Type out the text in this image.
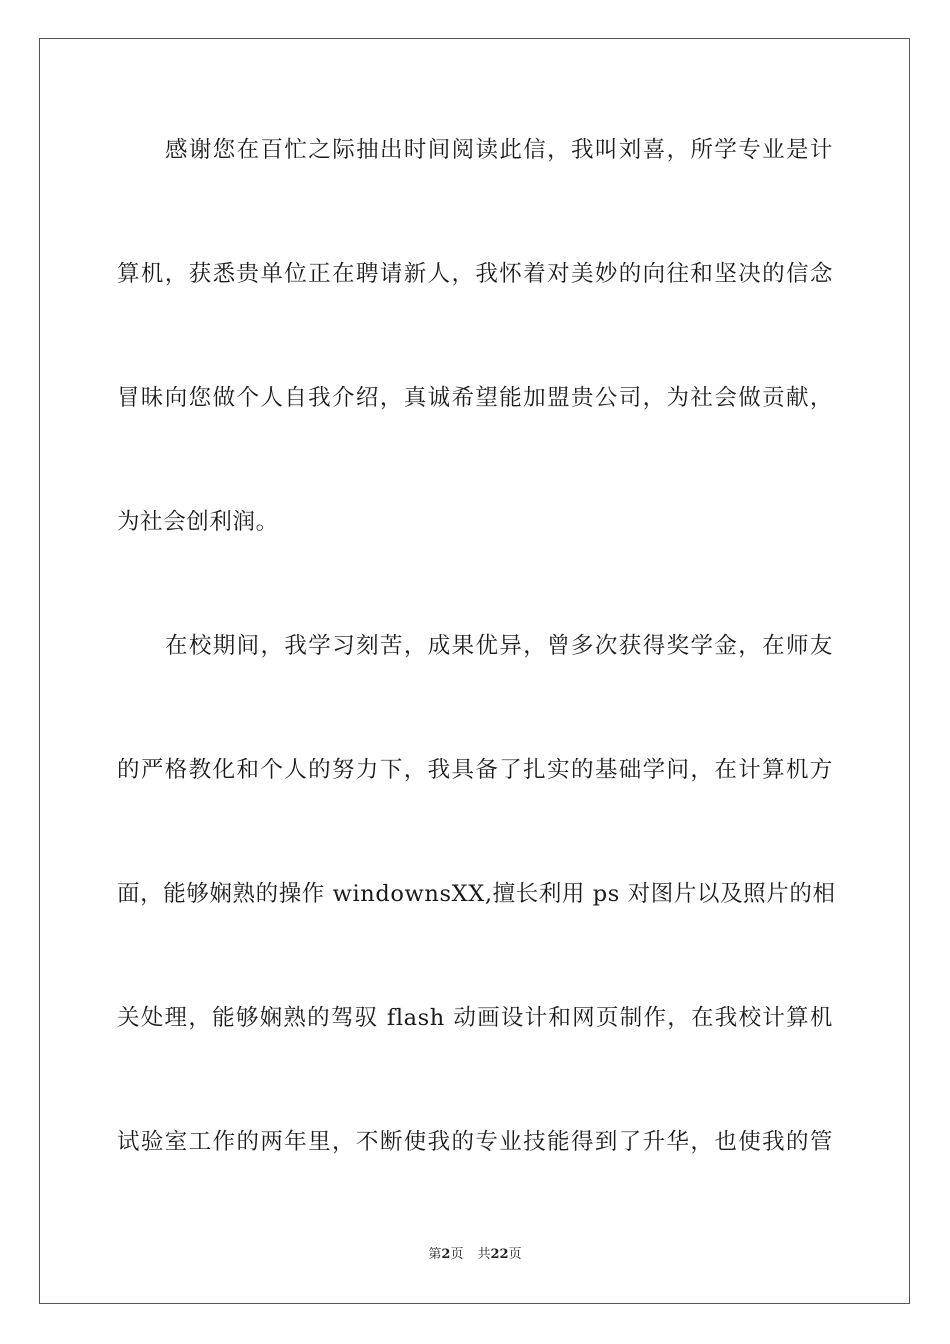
感谢您在百忙之际抽出时间阅读此信，我叫刘喜，所学专业是计
算机，获悉贵单位正在聘请新人，我怀着对美妙的向往和坚决的信念
冒昧向您做个人自我介绍，真诚希望能加盟贵公司，为社会做贡献，
为社会创利润。
在校期间，我学习刻苦，成果优异，曾多次获得奖学金，在师友
的严格教化和个人的努力下，我具备了扎实的基础学问，在计算机方
面，能够娴熟的操作 windownsXX,擅长利用 ps 对图片以及照片的相
关处理，能够娴熟的驾驭 flash 动画设计和网页制作，在我校计算机
试验室工作的两年里，不断使我的专业技能得到了升华，也使我的管
第2页 共22页
